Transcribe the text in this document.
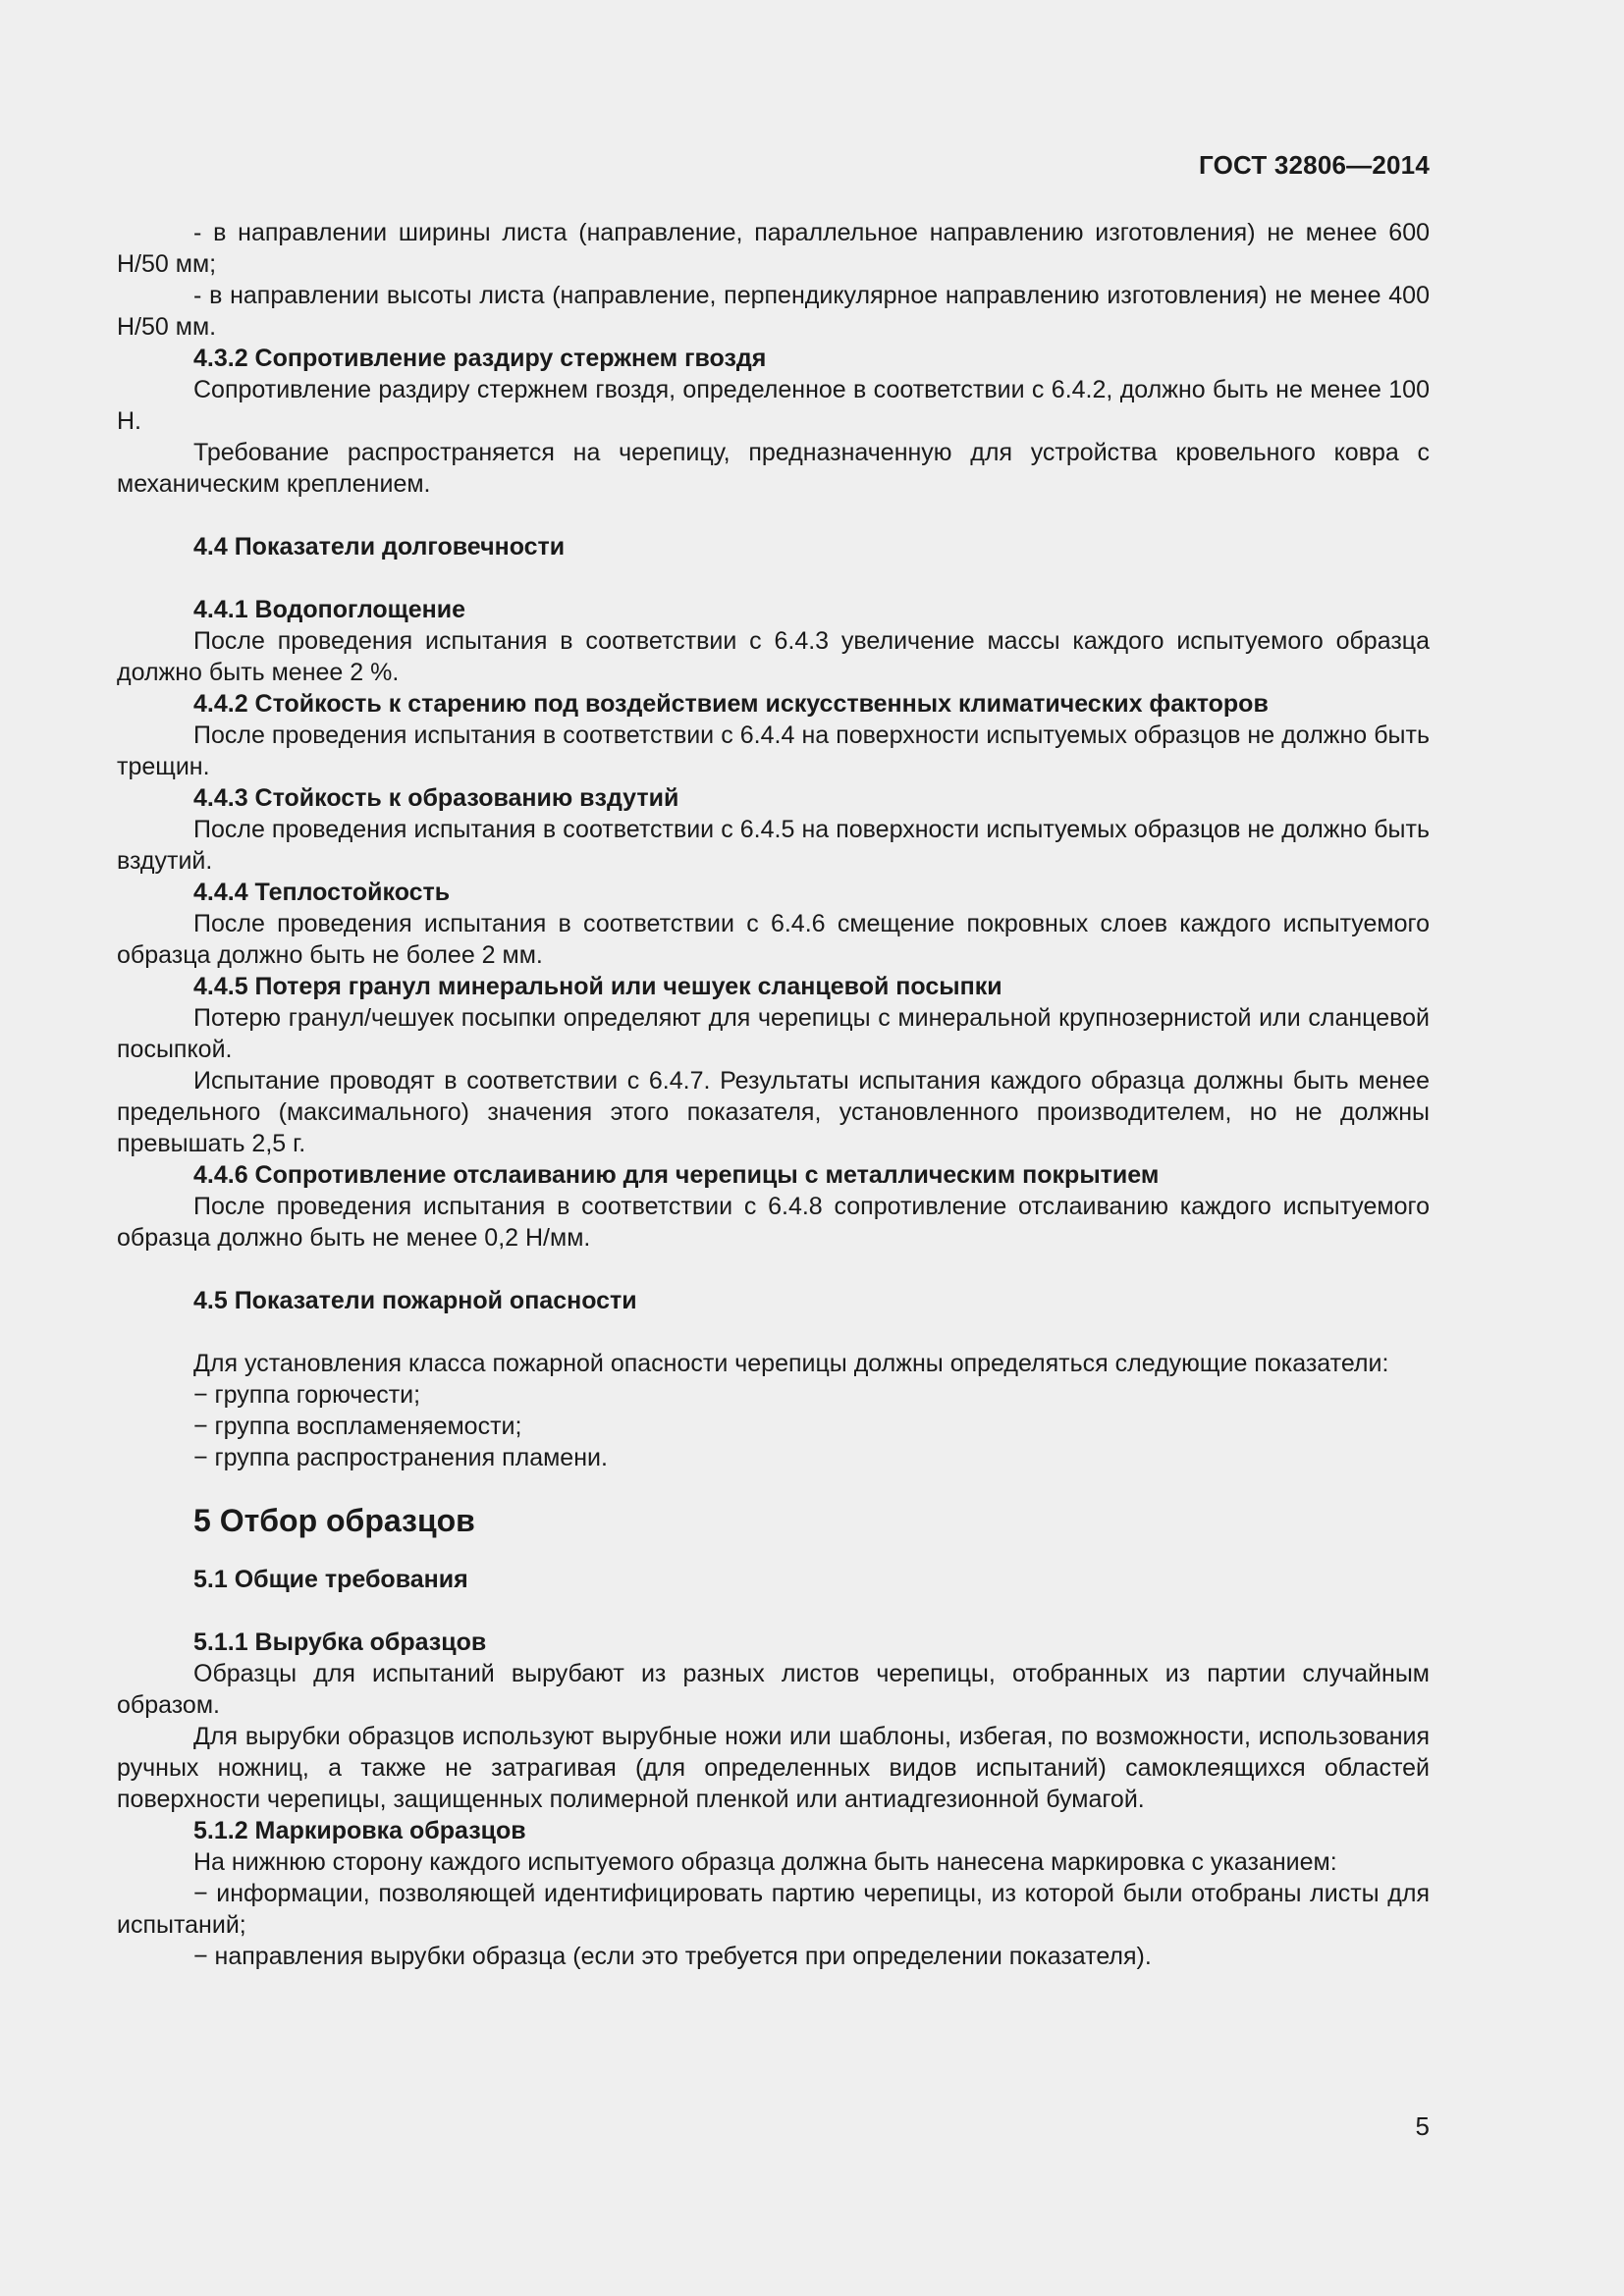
ГОСТ 32806—2014

- в направлении ширины листа (направление, параллельное направлению изготовления) не менее 600 Н/50 мм;

- в направлении высоты листа (направление, перпендикулярное направлению изготовления) не менее 400 Н/50 мм.

4.3.2 Сопротивление раздиру стержнем гвоздя

Сопротивление раздиру стержнем гвоздя, определенное в соответствии с 6.4.2, должно быть не менее 100 Н.

Требование распространяется на черепицу, предназначенную для устройства кровельного ковра с механическим креплением.

4.4 Показатели долговечности

4.4.1 Водопоглощение

После проведения испытания в соответствии с 6.4.3 увеличение массы каждого испытуемого образца должно быть менее 2 %.

4.4.2 Стойкость к старению под воздействием искусственных климатических факторов

После проведения испытания в соответствии с 6.4.4 на поверхности испытуемых образцов не должно быть трещин.

4.4.3 Стойкость к образованию вздутий

После проведения испытания в соответствии с 6.4.5 на поверхности испытуемых образцов не должно быть вздутий.

4.4.4 Теплостойкость

После проведения испытания в соответствии с 6.4.6 смещение покровных слоев каждого испытуемого образца должно быть не более 2 мм.

4.4.5 Потеря гранул минеральной или чешуек сланцевой посыпки

Потерю гранул/чешуек посыпки определяют для черепицы с минеральной крупнозернистой или сланцевой посыпкой.

Испытание проводят в соответствии с 6.4.7. Результаты испытания каждого образца должны быть менее предельного (максимального) значения этого показателя, установленного производителем, но не должны превышать 2,5 г.

4.4.6 Сопротивление отслаиванию для черепицы с металлическим покрытием

После проведения испытания в соответствии с 6.4.8 сопротивление отслаиванию каждого испытуемого образца должно быть не менее 0,2 Н/мм.

4.5 Показатели пожарной опасности

Для установления класса пожарной опасности черепицы должны определяться следующие показатели:

− группа горючести;

− группа воспламеняемости;

− группа распространения пламени.

5 Отбор образцов

5.1 Общие требования

5.1.1 Вырубка образцов

Образцы для испытаний вырубают из разных листов черепицы, отобранных из партии случайным образом.

Для вырубки образцов используют вырубные ножи или шаблоны, избегая, по возможности, использования ручных ножниц, а также не затрагивая (для определенных видов испытаний) самоклеящихся областей поверхности черепицы, защищенных полимерной пленкой или антиадгезионной бумагой.

5.1.2 Маркировка образцов

На нижнюю сторону каждого испытуемого образца должна быть нанесена маркировка с указанием:

− информации, позволяющей идентифицировать партию черепицы, из которой были отобраны листы для испытаний;

− направления вырубки образца (если это требуется при определении показателя).

5
